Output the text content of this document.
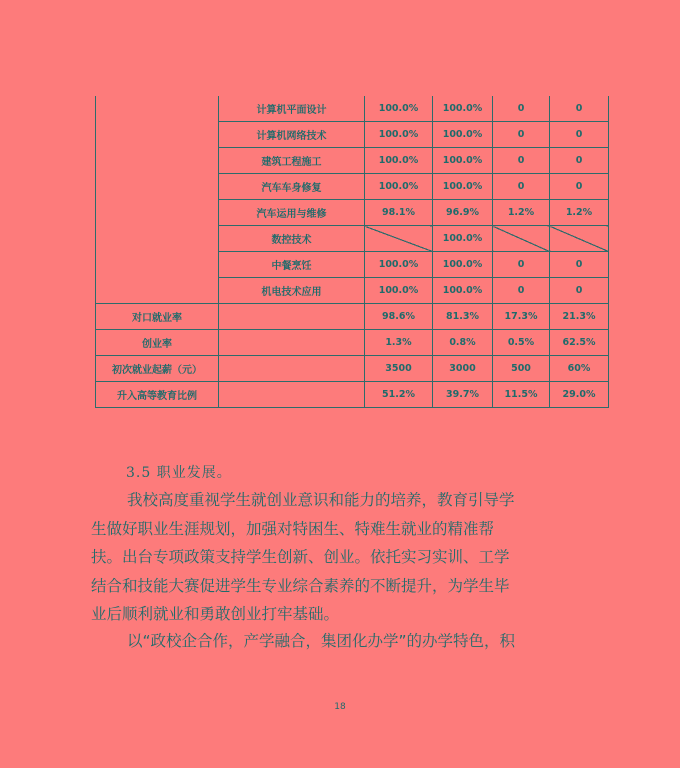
	计算机平面设计	100.0%	100.0%	0	0
	计算机网络技术	100.0%	100.0%	0	0
	建筑工程施工	100.0%	100.0%	0	0
	汽车车身修复	100.0%	100.0%	0	0
	汽车运用与维修	98.1%	96.9%	1.2%	1.2%
	数控技术		100.0%		
	中餐烹饪	100.0%	100.0%	0	0
	机电技术应用	100.0%	100.0%	0	0
对口就业率		98.6%	81.3%	17.3%	21.3%
创业率		1.3%	0.8%	0.5%	62.5%
初次就业起薪（元）		3500	3000	500	60%
升入高等教育比例		51.2%	39.7%	11.5%	29.0%
3.5 职业发展。

我校高度重视学生就创业意识和能力的培养，教育引导学
生做好职业生涯规划，加强对特困生、特难生就业的精准帮
扶。出台专项政策支持学生创新、创业。依托实习实训、工学
结合和技能大赛促进学生专业综合素养的不断提升，为学生毕
业后顺利就业和勇敢创业打牢基础。

以“政校企合作，产学融合，集团化办学”的办学特色，积

18
